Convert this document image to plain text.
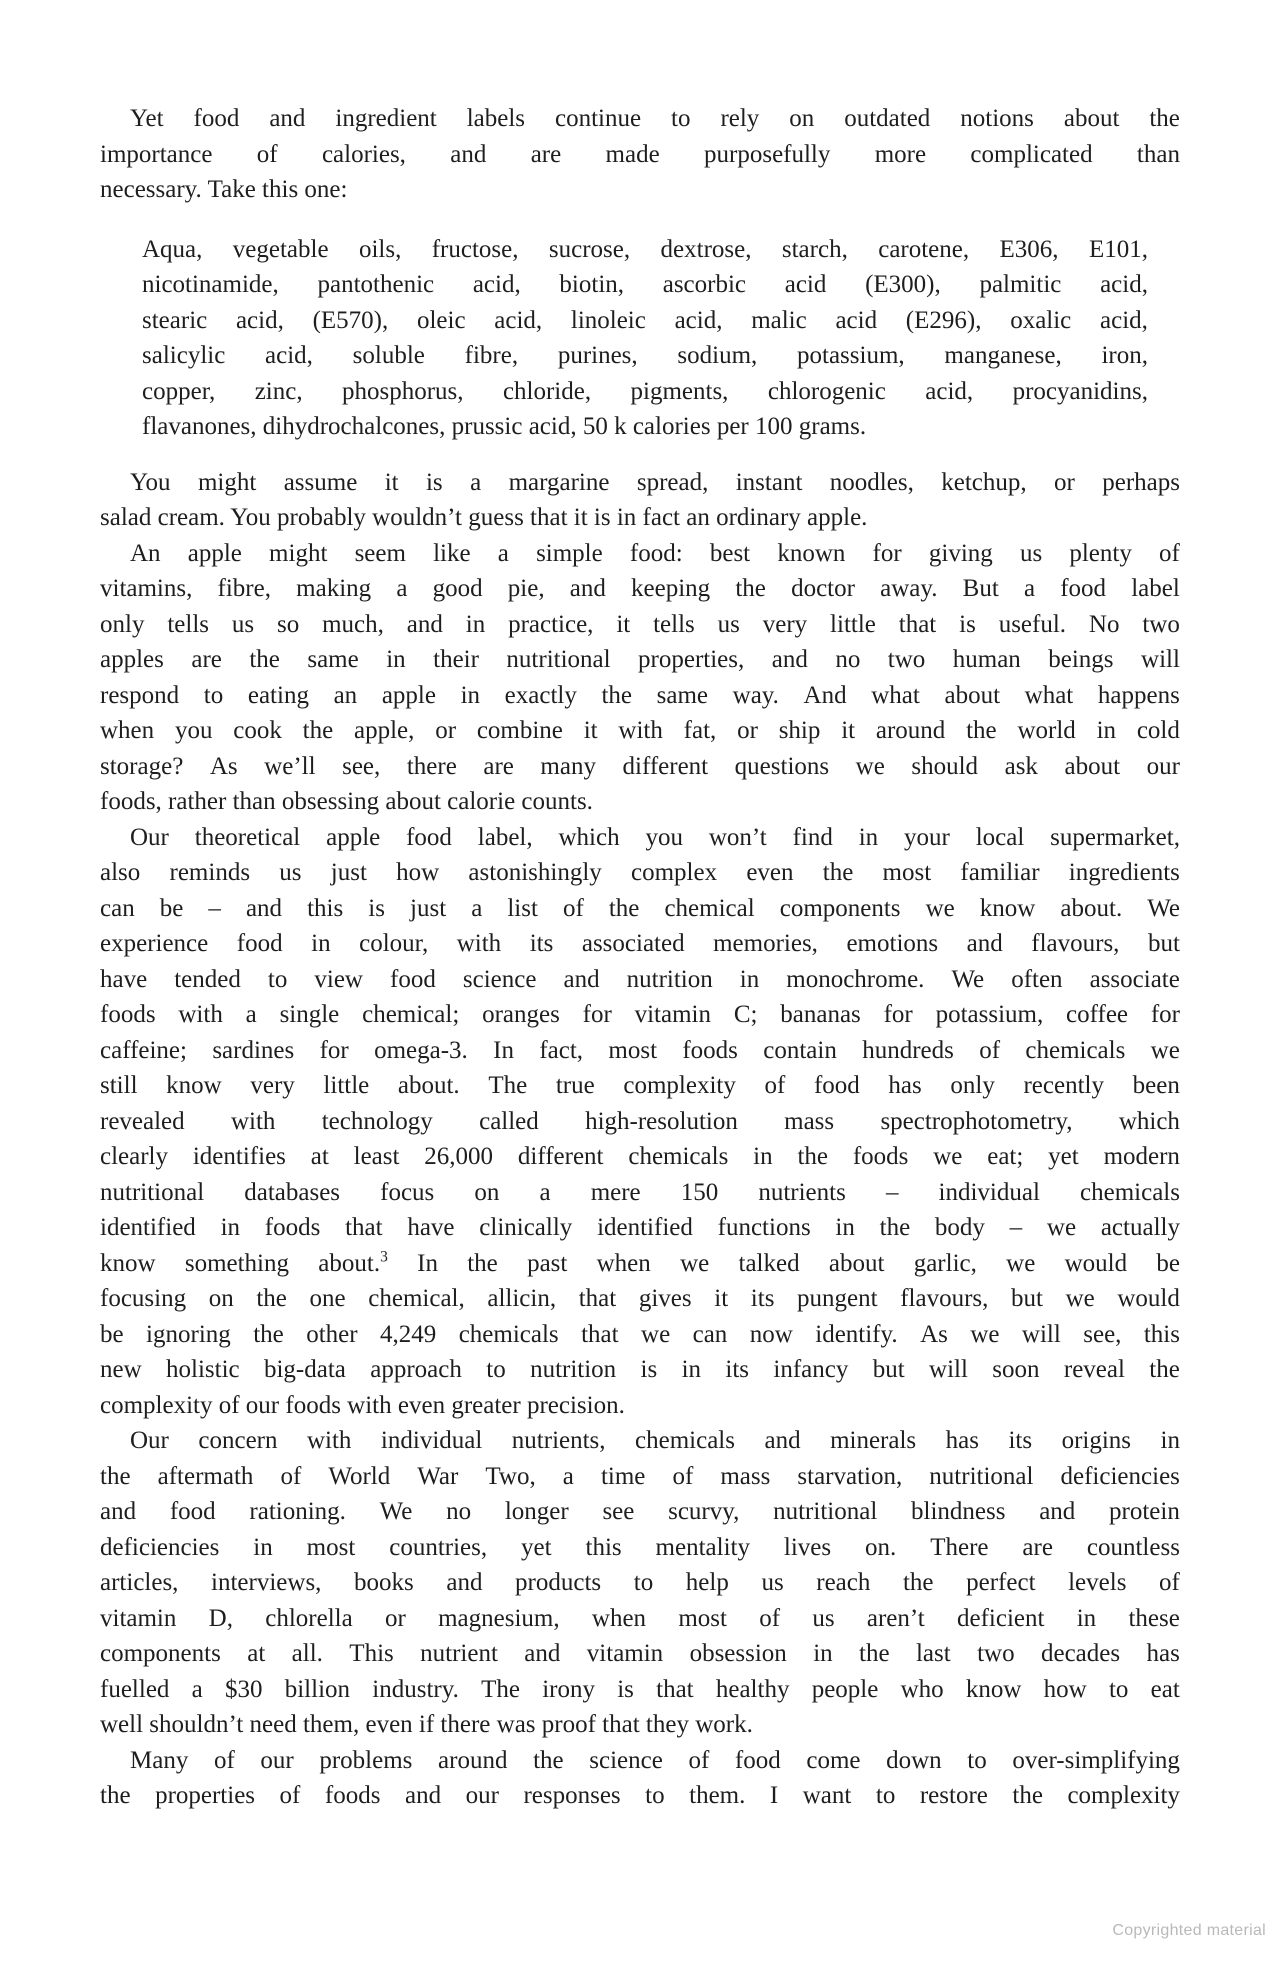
Yet food and ingredient labels continue to rely on outdated notions about the
importance of calories, and are made purposefully more complicated than
necessary. Take this one:
Aqua, vegetable oils, fructose, sucrose, dextrose, starch, carotene, E306, E101,
nicotinamide, pantothenic acid, biotin, ascorbic acid (E300), palmitic acid,
stearic acid, (E570), oleic acid, linoleic acid, malic acid (E296), oxalic acid,
salicylic acid, soluble fibre, purines, sodium, potassium, manganese, iron,
copper, zinc, phosphorus, chloride, pigments, chlorogenic acid, procyanidins,
flavanones, dihydrochalcones, prussic acid, 50 k calories per 100 grams.
You might assume it is a margarine spread, instant noodles, ketchup, or perhaps
salad cream. You probably wouldn’t guess that it is in fact an ordinary apple.
An apple might seem like a simple food: best known for giving us plenty of
vitamins, fibre, making a good pie, and keeping the doctor away. But a food label
only tells us so much, and in practice, it tells us very little that is useful. No two
apples are the same in their nutritional properties, and no two human beings will
respond to eating an apple in exactly the same way. And what about what happens
when you cook the apple, or combine it with fat, or ship it around the world in cold
storage? As we’ll see, there are many different questions we should ask about our
foods, rather than obsessing about calorie counts.
Our theoretical apple food label, which you won’t find in your local supermarket,
also reminds us just how astonishingly complex even the most familiar ingredients
can be – and this is just a list of the chemical components we know about. We
experience food in colour, with its associated memories, emotions and flavours, but
have tended to view food science and nutrition in monochrome. We often associate
foods with a single chemical; oranges for vitamin C; bananas for potassium, coffee for
caffeine; sardines for omega-3. In fact, most foods contain hundreds of chemicals we
still know very little about. The true complexity of food has only recently been
revealed with technology called high-resolution mass spectrophotometry, which
clearly identifies at least 26,000 different chemicals in the foods we eat; yet modern
nutritional databases focus on a mere 150 nutrients – individual chemicals
identified in foods that have clinically identified functions in the body – we actually
know something about.$^3$ In the past when we talked about garlic, we would be
focusing on the one chemical, allicin, that gives it its pungent flavours, but we would
be ignoring the other 4,249 chemicals that we can now identify. As we will see, this
new holistic big-data approach to nutrition is in its infancy but will soon reveal the
complexity of our foods with even greater precision.
Our concern with individual nutrients, chemicals and minerals has its origins in
the aftermath of World War Two, a time of mass starvation, nutritional deficiencies
and food rationing. We no longer see scurvy, nutritional blindness and protein
deficiencies in most countries, yet this mentality lives on. There are countless
articles, interviews, books and products to help us reach the perfect levels of
vitamin D, chlorella or magnesium, when most of us aren’t deficient in these
components at all. This nutrient and vitamin obsession in the last two decades has
fuelled a $30 billion industry. The irony is that healthy people who know how to eat
well shouldn’t need them, even if there was proof that they work.
Many of our problems around the science of food come down to over-simplifying
the properties of foods and our responses to them. I want to restore the complexity
Copyrighted material
